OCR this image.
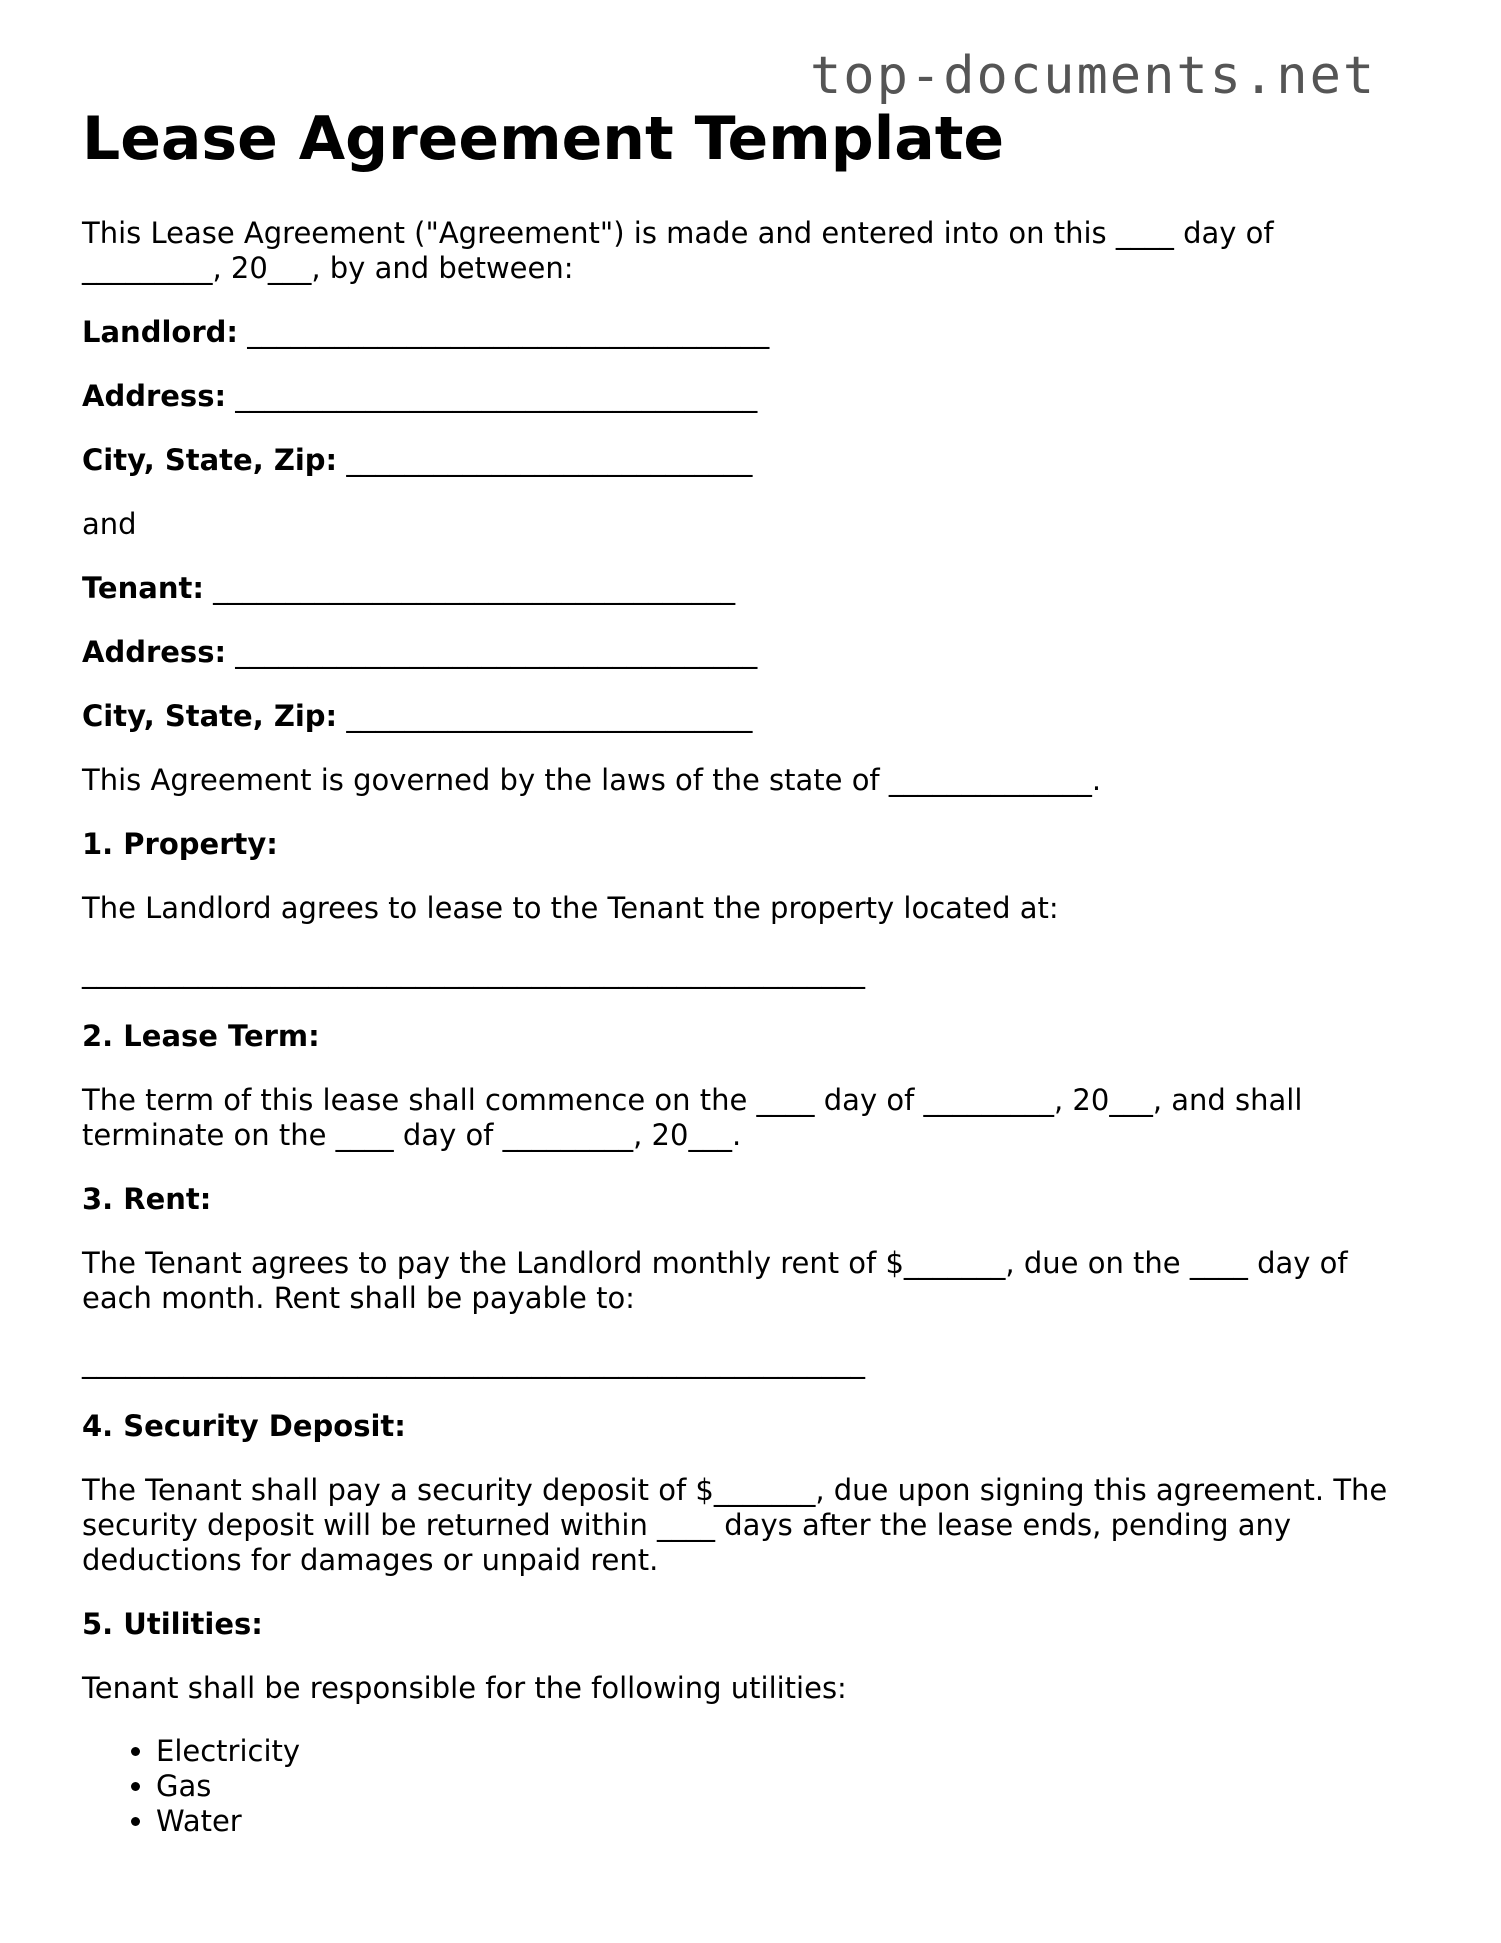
top-documents.net
Lease Agreement Template

This Lease Agreement ("Agreement") is made and entered into on this ____ day of

_________, 20___, by and between:

Landlord: ____________________________________

Address: ____________________________________

City, State, Zip: ____________________________

and

Tenant: ____________________________________

Address: ____________________________________

City, State, Zip: ____________________________

This Agreement is governed by the laws of the state of ______________.

1. Property:

The Landlord agrees to lease to the Tenant the property located at:

______________________________________________________

2. Lease Term:

The term of this lease shall commence on the ____ day of _________, 20___, and shall

terminate on the ____ day of _________, 20___.

3. Rent:

The Tenant agrees to pay the Landlord monthly rent of $_______, due on the ____ day of

each month. Rent shall be payable to:

______________________________________________________

4. Security Deposit:

The Tenant shall pay a security deposit of $_______, due upon signing this agreement. The

security deposit will be returned within ____ days after the lease ends, pending any

deductions for damages or unpaid rent.

5. Utilities:

Tenant shall be responsible for the following utilities:

• Electricity
• Gas
• Water
